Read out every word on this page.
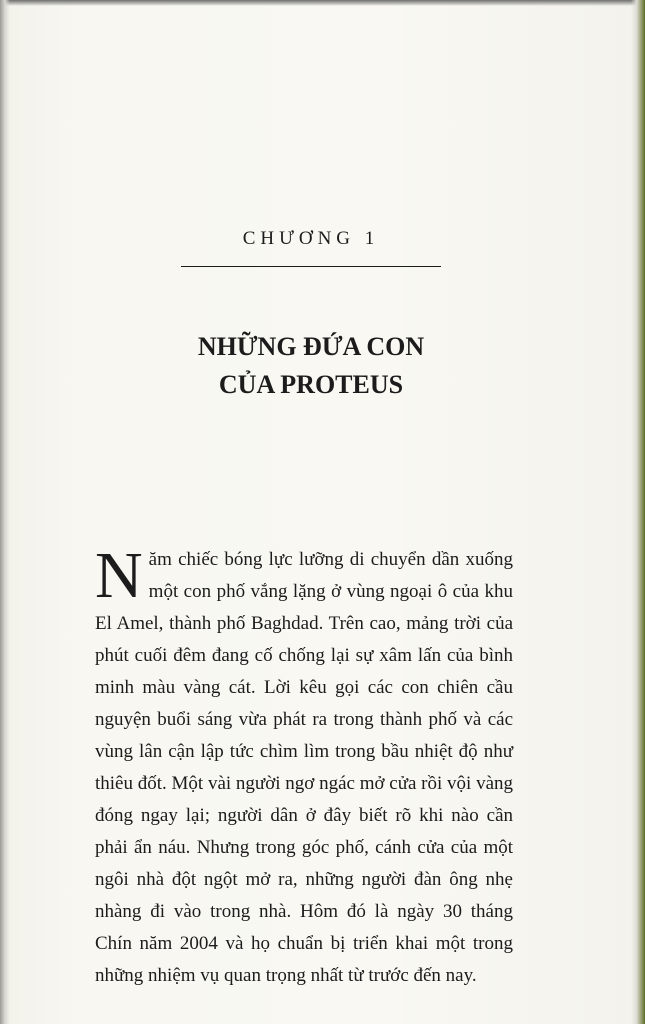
CHƯƠNG 1
NHỮNG ĐỨA CON
CỦA PROTEUS
Năm chiếc bóng lực lưỡng di chuyển dần xuống một con phố vắng lặng ở vùng ngoại ô của khu El Amel, thành phố Baghdad. Trên cao, mảng trời của phút cuối đêm đang cố chống lại sự xâm lấn của bình minh màu vàng cát. Lời kêu gọi các con chiên cầu nguyện buổi sáng vừa phát ra trong thành phố và các vùng lân cận lập tức chìm lìm trong bầu nhiệt độ như thiêu đốt. Một vài người ngơ ngác mở cửa rồi vội vàng đóng ngay lại; người dân ở đây biết rõ khi nào cần phải ẩn náu. Nhưng trong góc phố, cánh cửa của một ngôi nhà đột ngột mở ra, những người đàn ông nhẹ nhàng đi vào trong nhà. Hôm đó là ngày 30 tháng Chín năm 2004 và họ chuẩn bị triển khai một trong những nhiệm vụ quan trọng nhất từ trước đến nay.
